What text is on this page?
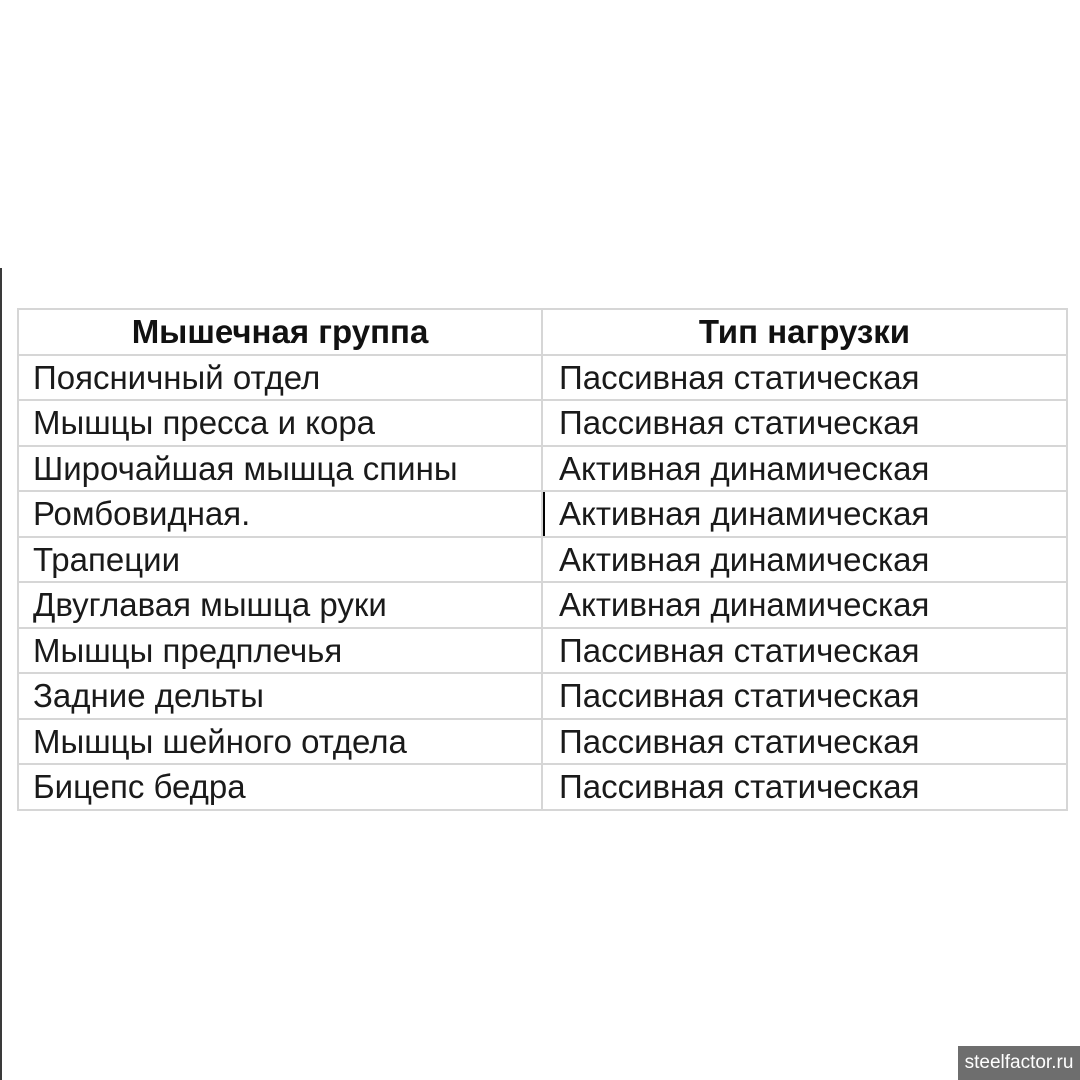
Мышечная группа	Тип нагрузки
Поясничный отдел	Пассивная статическая
Мышцы пресса и кора	Пассивная статическая
Широчайшая мышца спины	Активная динамическая
Ромбовидная.	Активная динамическая
Трапеции	Активная динамическая
Двуглавая мышца руки	Активная динамическая
Мышцы предплечья	Пассивная статическая
Задние дельты	Пассивная статическая
Мышцы шейного отдела	Пассивная статическая
Бицепс бедра	Пассивная статическая
steelfactor.ru
